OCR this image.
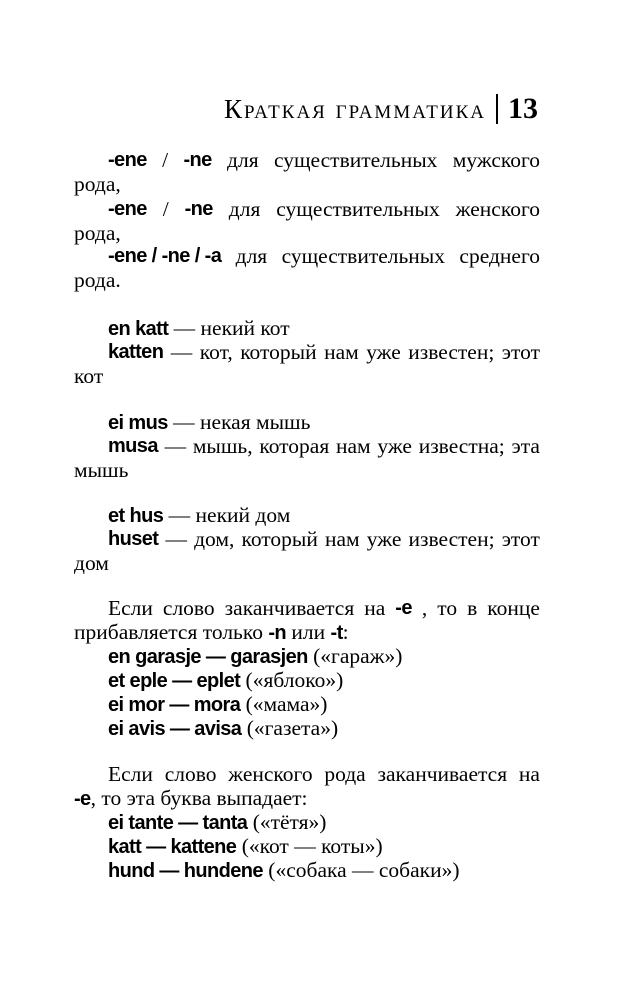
Краткая грамматика 13
-ene / -ne для существительных мужского
рода,
-ene / -ne для существительных женского
рода,
-ene / -ne / -a для существительных среднего
рода.
en katt — некий кот
katten — кот, который нам уже известен; этот
кот
ei mus — некая мышь
musa — мышь, которая нам уже известна; эта
мышь
et hus — некий дом
huset — дом, который нам уже известен; этот
дом
Если слово заканчивается на -e , то в конце
прибавляется только -n или -t:
en garasje — garasjen («гараж»)
et eple — eplet («яблоко»)
ei mor — mora («мама»)
ei avis — avisa («газета»)
Если слово женского рода заканчивается на
-e, то эта буква выпадает:
ei tante — tanta («тётя»)
katt — kattene («кот — коты»)
hund — hundene («собака — собаки»)
